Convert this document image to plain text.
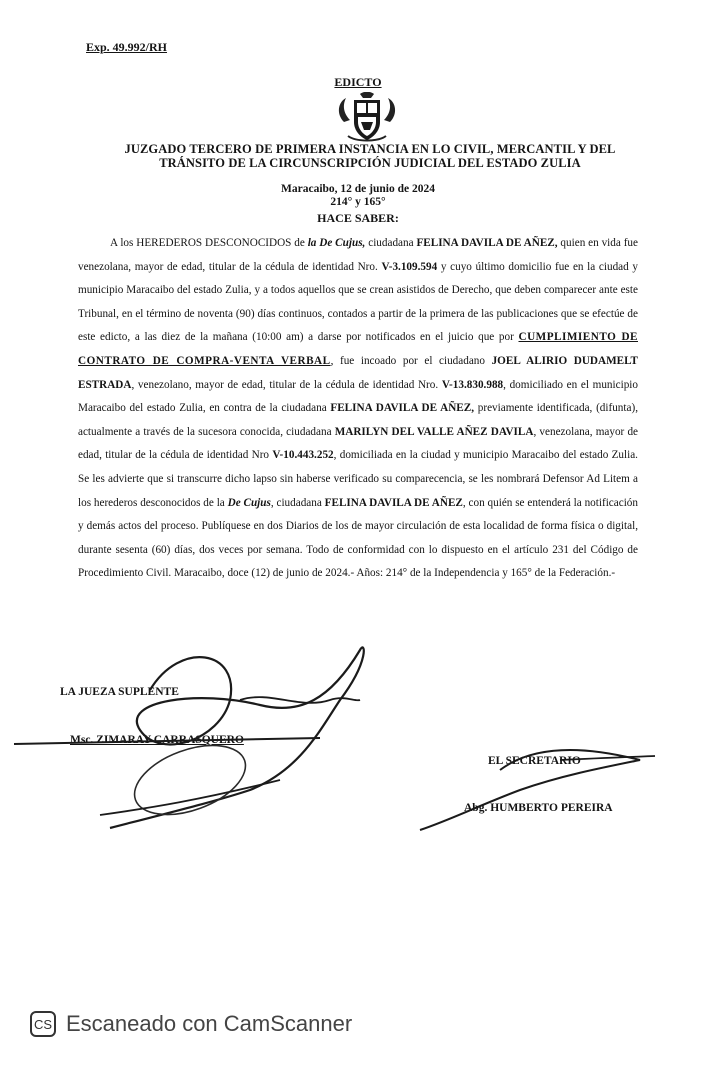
Exp. 49.992/RH
EDICTO
JUZGADO TERCERO DE PRIMERA INSTANCIA EN LO CIVIL, MERCANTIL Y DEL
TRÁNSITO DE LA CIRCUNSCRIPCIÓN JUDICIAL DEL ESTADO ZULIA
Maracaibo, 12 de junio de 2024
214° y 165°
HACE SABER:
A los HEREDEROS DESCONOCIDOS de la De Cujus, ciudadana FELINA DAVILA DE AÑEZ, quien en vida fue venezolana, mayor de edad, titular de la cédula de identidad Nro. V-3.109.594 y cuyo último domicilio fue en la ciudad y municipio Maracaibo del estado Zulia, y a todos aquellos que se crean asistidos de Derecho, que deben comparecer ante este Tribunal, en el término de noventa (90) días continuos, contados a partir de la primera de las publicaciones que se efectúe de este edicto, a las diez de la mañana (10:00 am) a darse por notificados en el juicio que por CUMPLIMIENTO DE CONTRATO DE COMPRA-VENTA VERBAL, fue incoado por el ciudadano JOEL ALIRIO DUDAMELT ESTRADA, venezolano, mayor de edad, titular de la cédula de identidad Nro. V-13.830.988, domiciliado en el municipio Maracaibo del estado Zulia, en contra de la ciudadana FELINA DAVILA DE AÑEZ, previamente identificada, (difunta), actualmente a través de la sucesora conocida, ciudadana MARILYN DEL VALLE AÑEZ DAVILA, venezolana, mayor de edad, titular de la cédula de identidad Nro V-10.443.252, domiciliada en la ciudad y municipio Maracaibo del estado Zulia. Se les advierte que si transcurre dicho lapso sin haberse verificado su comparecencia, se les nombrará Defensor Ad Litem a los herederos desconocidos de la De Cujus, ciudadana FELINA DAVILA DE AÑEZ, con quién se entenderá la notificación y demás actos del proceso. Publíquese en dos Diarios de los de mayor circulación de esta localidad de forma física o digital, durante sesenta (60) días, dos veces por semana. Todo de conformidad con lo dispuesto en el artículo 231 del Código de Procedimiento Civil. Maracaibo, doce (12) de junio de 2024.- Años: 214° de la Independencia y 165° de la Federación.-
LA JUEZA SUPLENTE
Msc. ZIMARAY CARRASQUERO
EL SECRETARIO
Abg. HUMBERTO PEREIRA
CS Escaneado con CamScanner
